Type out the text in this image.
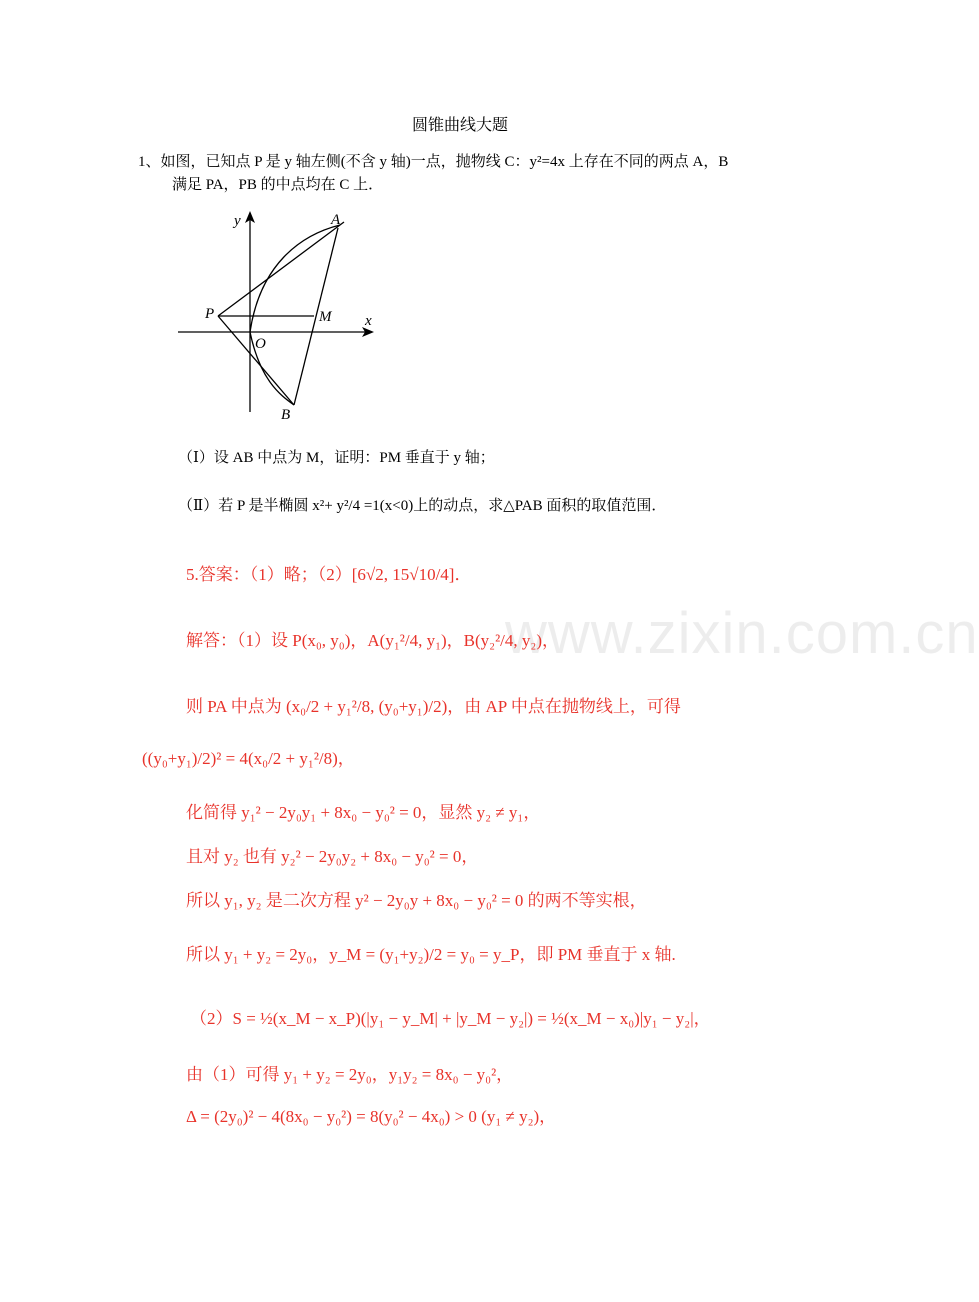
圆锥曲线大题
1、如图，已知点 P 是 y 轴左侧(不含 y 轴)一点，抛物线 C：y²=4x 上存在不同的两点 A，B
满足 PA，PB 的中点均在 C 上．
y	A
P	M x
O
B
（Ⅰ）设 AB 中点为 M，证明：PM 垂直于 y 轴；
（Ⅱ）若 P 是半椭圆 x²+ y²/4 =1(x<0)上的动点，求△PAB 面积的取值范围．
www.zixin.com.cn
5.答案：（1）略；（2）[6√2, 15√10/4]．
解答：（1）设 P(x₀, y₀)，A(y₁²/4, y₁)，B(y₂²/4, y₂)，
则 PA 中点为 (x₀/2 + y₁²/8, (y₀+y₁)/2)，由 AP 中点在抛物线上，可得
((y₀+y₁)/2)² = 4(x₀/2 + y₁²/8)，
化简得 y₁² − 2y₀y₁ + 8x₀ − y₀² = 0，显然 y₂ ≠ y₁，
且对 y₂ 也有 y₂² − 2y₀y₂ + 8x₀ − y₀² = 0，
所以 y₁, y₂ 是二次方程 y² − 2y₀y + 8x₀ − y₀² = 0 的两不等实根，
所以 y₁ + y₂ = 2y₀，y_M = (y₁+y₂)/2 = y₀ = y_P，即 PM 垂直于 x 轴.
（2）S = ½(x_M − x_P)(|y₁ − y_M| + |y_M − y₂|) = ½(x_M − x₀)|y₁ − y₂|，
由（1）可得 y₁ + y₂ = 2y₀，y₁y₂ = 8x₀ − y₀²，
Δ = (2y₀)² − 4(8x₀ − y₀²) = 8(y₀² − 4x₀) > 0 (y₁ ≠ y₂)，
